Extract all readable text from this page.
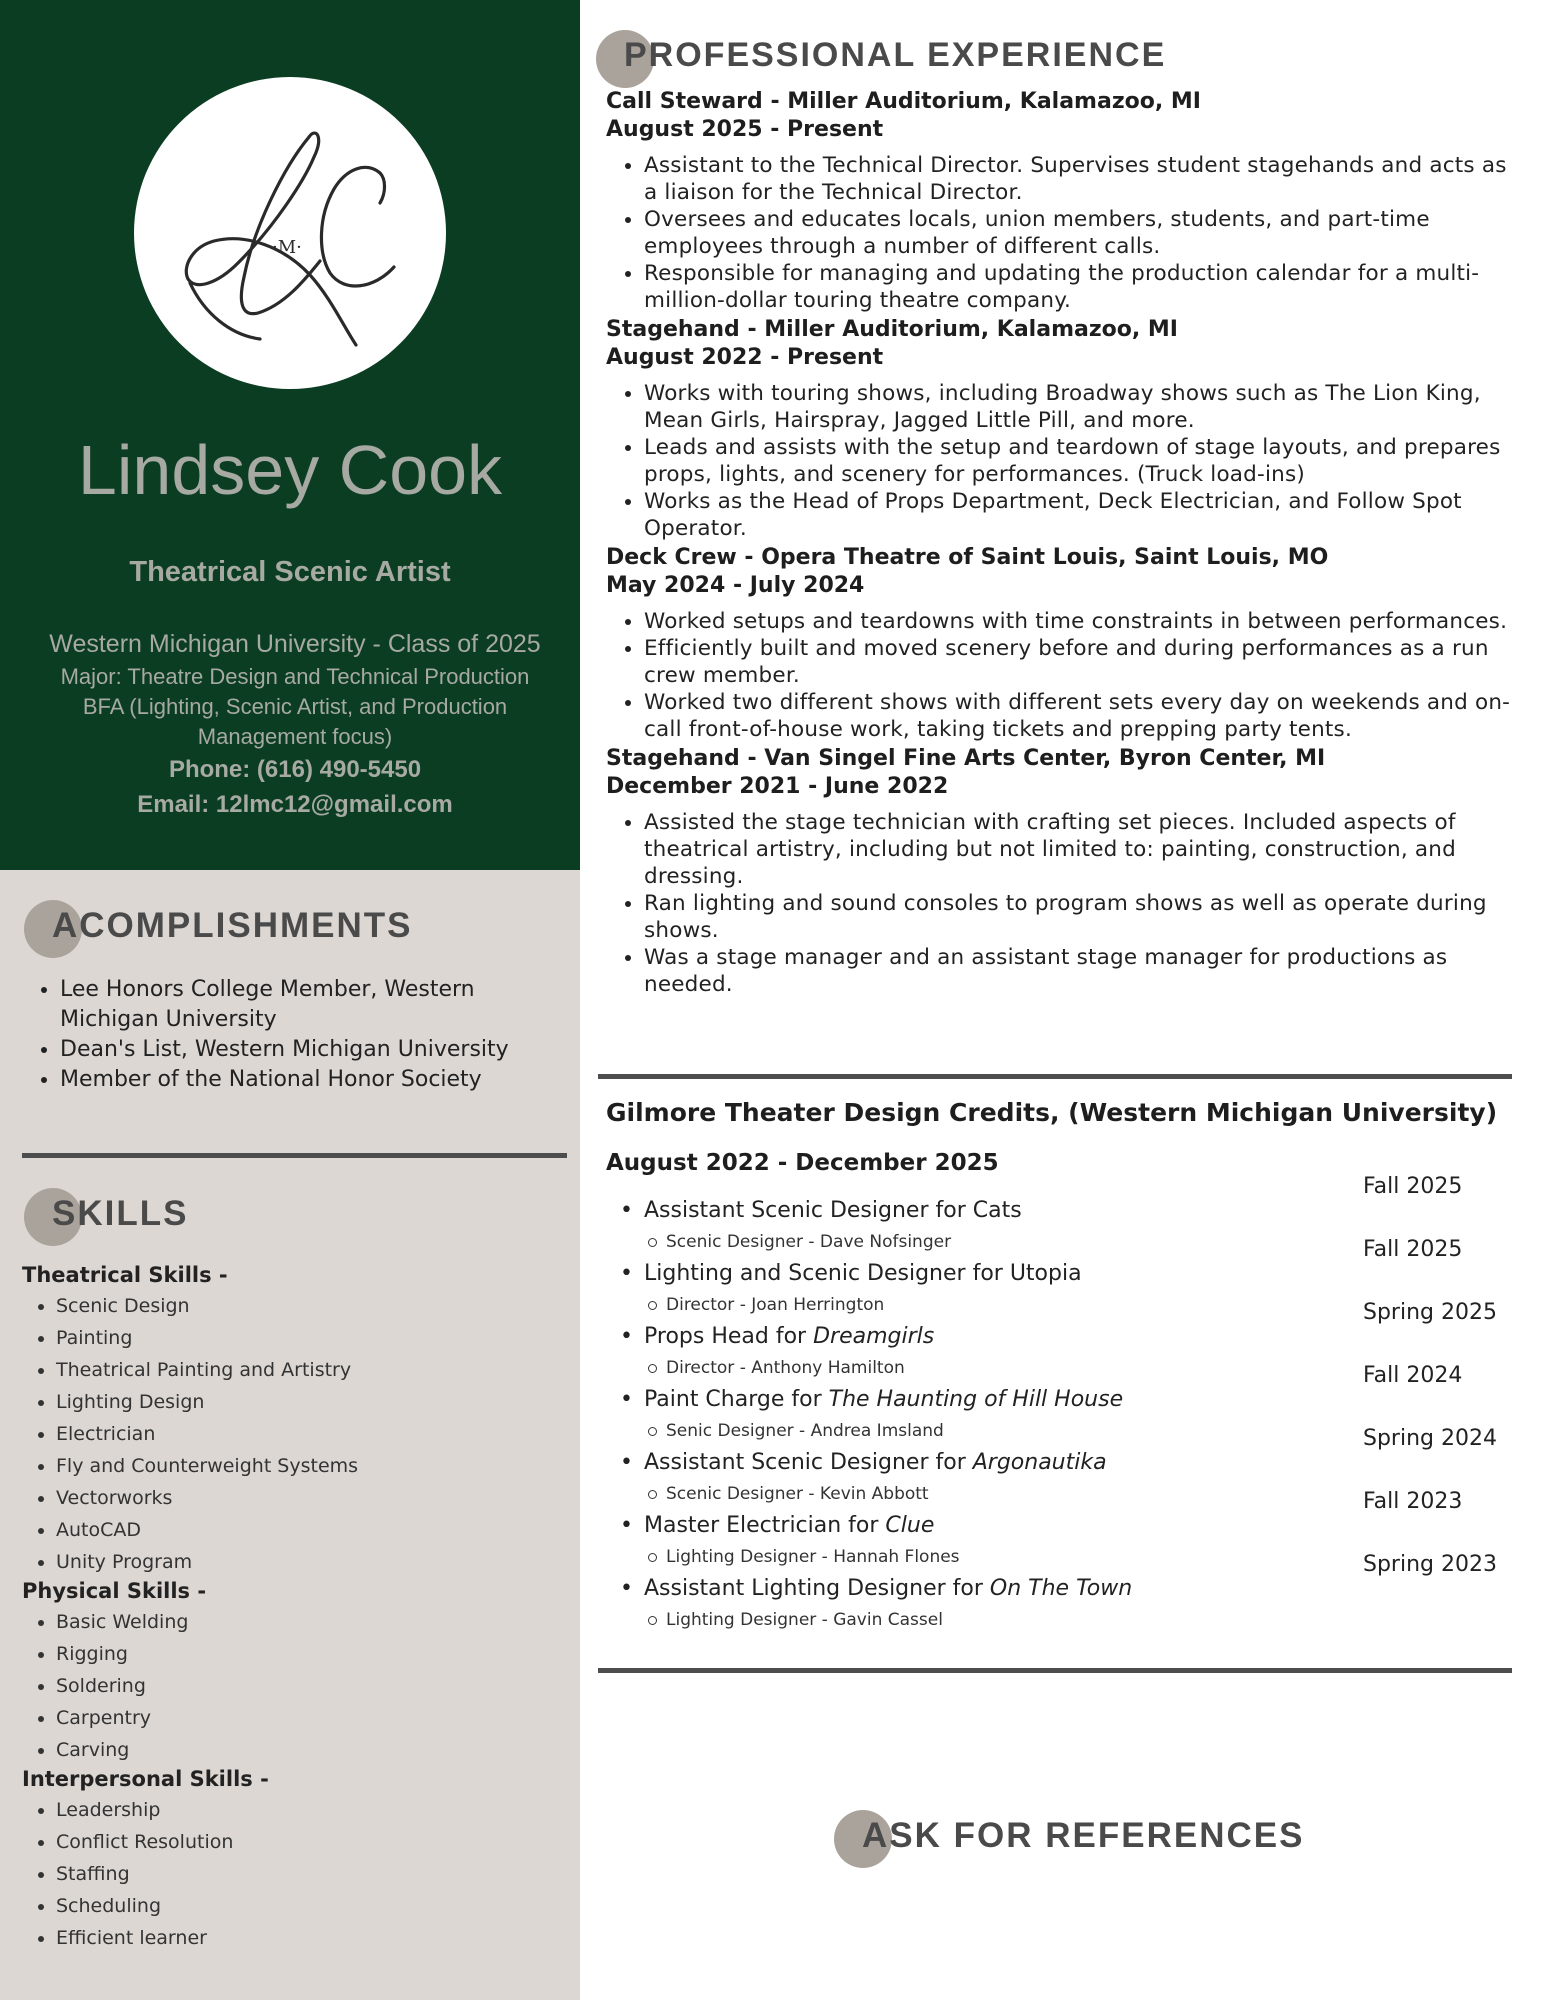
·M·
Lindsey Cook
Theatrical Scenic Artist
Western Michigan University - Class of 2025
Major: Theatre Design and Technical Production
BFA (Lighting, Scenic Artist, and Production
Management focus)
Phone: (616) 490-5450
Email: 12lmc12@gmail.com
ACOMPLISHMENTS
• Lee Honors College Member, Western Michigan University
• Dean's List, Western Michigan University
• Member of the National Honor Society
SKILLS
Theatrical Skills -
• Scenic Design
• Painting
• Theatrical Painting and Artistry
• Lighting Design
• Electrician
• Fly and Counterweight Systems
• Vectorworks
• AutoCAD
• Unity Program
Physical Skills -
• Basic Welding
• Rigging
• Soldering
• Carpentry
• Carving
Interpersonal Skills -
• Leadership
• Conflict Resolution
• Staffing
• Scheduling
• Efficient learner
PROFESSIONAL EXPERIENCE
Call Steward - Miller Auditorium, Kalamazoo, MI
August 2025 - Present
• Assistant to the Technical Director. Supervises student stagehands and acts as a liaison for the Technical Director.
• Oversees and educates locals, union members, students, and part-time employees through a number of different calls.
• Responsible for managing and updating the production calendar for a multi-million-dollar touring theatre company.
Stagehand - Miller Auditorium, Kalamazoo, MI
August 2022 - Present
• Works with touring shows, including Broadway shows such as The Lion King, Mean Girls, Hairspray, Jagged Little Pill, and more.
• Leads and assists with the setup and teardown of stage layouts, and prepares props, lights, and scenery for performances. (Truck load-ins)
• Works as the Head of Props Department, Deck Electrician, and Follow Spot Operator.
Deck Crew - Opera Theatre of Saint Louis, Saint Louis, MO
May 2024 - July 2024
• Worked setups and teardowns with time constraints in between performances.
• Efficiently built and moved scenery before and during performances as a run crew member.
• Worked two different shows with different sets every day on weekends and on-call front-of-house work, taking tickets and prepping party tents.
Stagehand - Van Singel Fine Arts Center, Byron Center, MI
December 2021 - June 2022
• Assisted the stage technician with crafting set pieces. Included aspects of theatrical artistry, including but not limited to: painting, construction, and dressing.
• Ran lighting and sound consoles to program shows as well as operate during shows.
• Was a stage manager and an assistant stage manager for productions as needed.
Gilmore Theater Design Credits, (Western Michigan University)
August 2022 - December 2025
• Assistant Scenic Designer for Cats
Scenic Designer - Dave Nofsinger
Fall 2025
• Lighting and Scenic Designer for Utopia
Director - Joan Herrington
Fall 2025
• Props Head for Dreamgirls
Director - Anthony Hamilton
Spring 2025
• Paint Charge for The Haunting of Hill House
Senic Designer - Andrea Imsland
Fall 2024
• Assistant Scenic Designer for Argonautika
Scenic Designer - Kevin Abbott
Spring 2024
• Master Electrician for Clue
Lighting Designer - Hannah Flones
Fall 2023
• Assistant Lighting Designer for On The Town
Lighting Designer - Gavin Cassel
Spring 2023
ASK FOR REFERENCES
